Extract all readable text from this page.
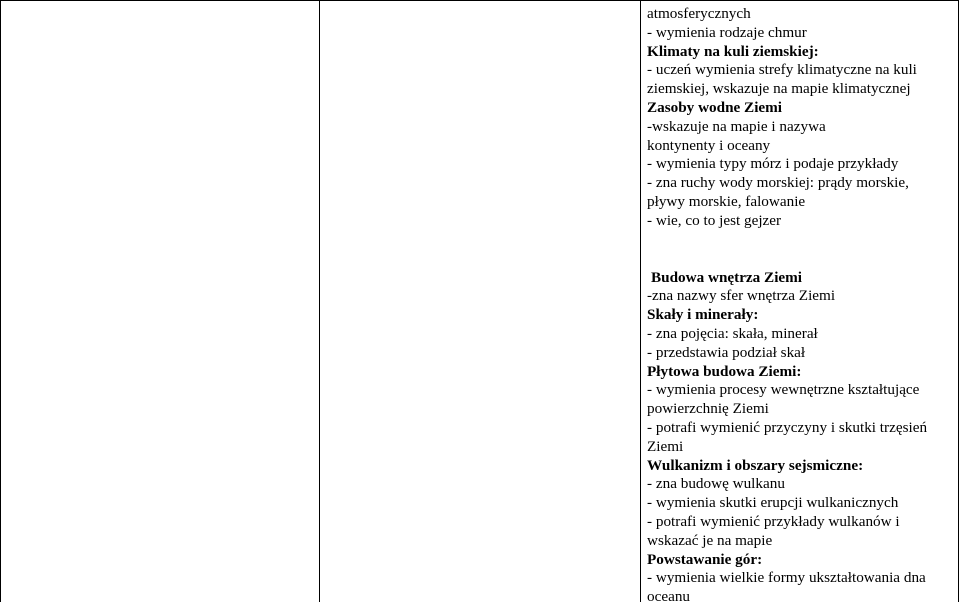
atmosferycznych
- wymienia rodzaje chmur
Klimaty na kuli ziemskiej:
- uczeń wymienia strefy klimatyczne na kuli
ziemskiej, wskazuje na mapie klimatycznej
Zasoby wodne Ziemi
-wskazuje na mapie i nazywa
kontynenty i oceany
- wymienia typy mórz i podaje przykłady
- zna ruchy wody morskiej: prądy morskie,
pływy morskie, falowanie
- wie, co to jest gejzer
Budowa wnętrza Ziemi
-zna nazwy sfer wnętrza Ziemi
Skały i minerały:
- zna pojęcia: skała, minerał
- przedstawia podział skał
Płytowa budowa Ziemi:
- wymienia procesy wewnętrzne kształtujące
powierzchnię Ziemi
- potrafi wymienić przyczyny i skutki trzęsień
Ziemi
Wulkanizm i obszary sejsmiczne:
- zna budowę wulkanu
- wymienia skutki erupcji wulkanicznych
- potrafi wymienić przykłady wulkanów i
wskazać je na mapie
Powstawanie gór:
- wymienia wielkie formy ukształtowania dna
oceanu
